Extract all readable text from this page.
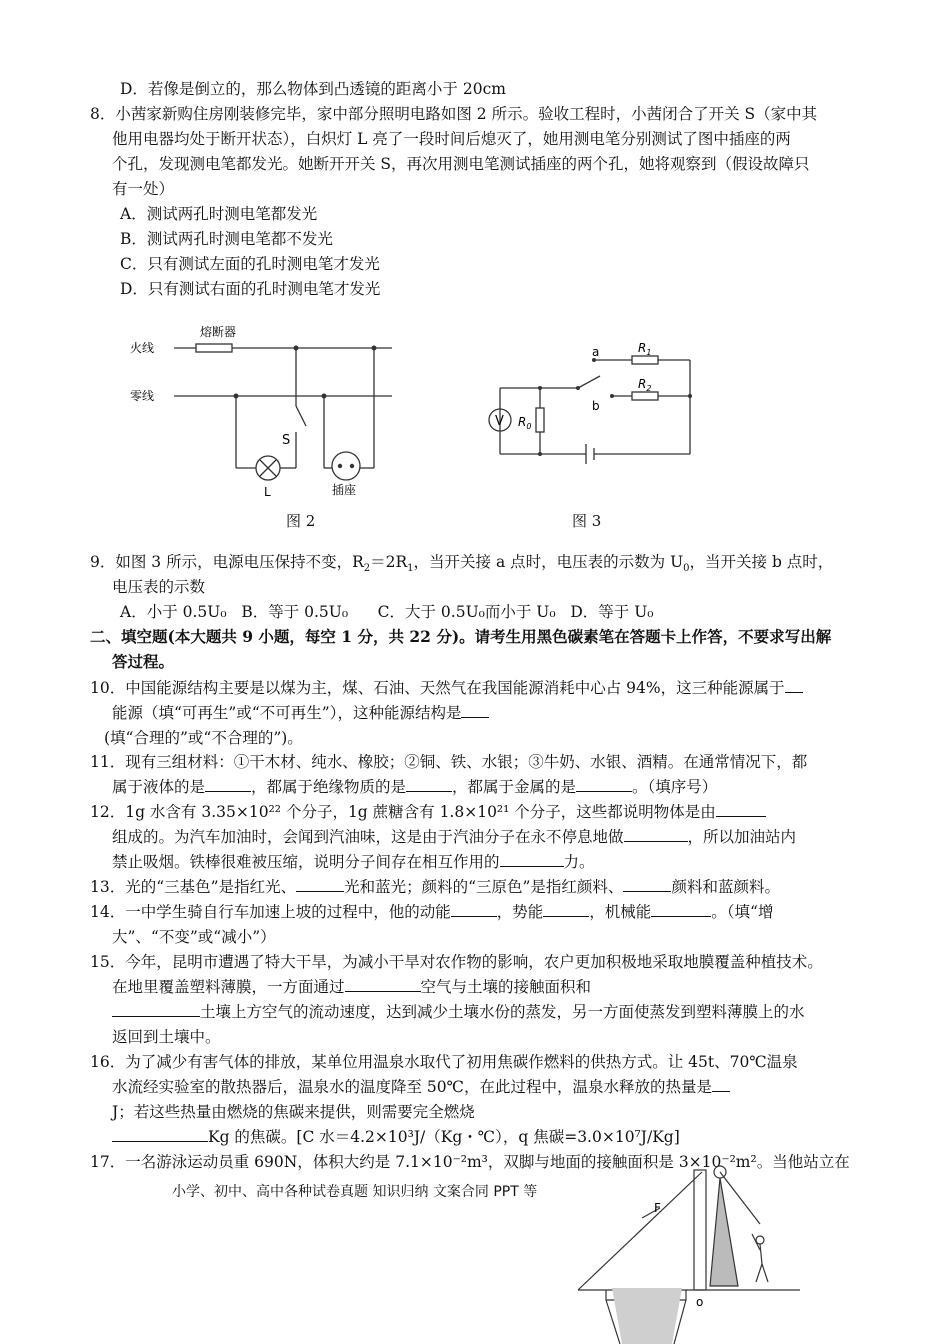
D．若像是倒立的，那么物体到凸透镜的距离小于 20cm
8．小茜家新购住房刚装修完毕，家中部分照明电路如图 2 所示。验收工程时，小茜闭合了开关 S（家中其
他用电器均处于断开状态），白炽灯 L 亮了一段时间后熄灭了，她用测电笔分别测试了图中插座的两
个孔，发现测电笔都发光。她断开开关 S，再次用测电笔测试插座的两个孔，她将观察到（假设故障只
有一处）
A．测试两孔时测电笔都发光
B．测试两孔时测电笔都不发光
C．只有测试左面的孔时测电笔才发光
D．只有测试右面的孔时测电笔才发光
火线
零线
熔断器
S
L	插座
图 2
V
a
b
$R_1$
$R_2$
$R_0$
图 3
9．如图 3 所示，电源电压保持不变，$R_2=2R_1$，当开关接 a 点时，电压表的示数为 $U_0$，当开关接 b 点时，
电压表的示数
A．小于 0.5U₀   B．等于 0.5U₀      C．大于 0.5U₀而小于 U₀   D．等于 U₀
二、填空题(本大题共 9 小题，每空 1 分，共 22 分)。请考生用黑色碳素笔在答题卡上作答，不要求写出解
答过程。
10．中国能源结构主要是以煤为主，煤、石油、天然气在我国能源消耗中心占 94%，这三种能源属于
能源（填“可再生”或“不可再生”），这种能源结构是
(填“合理的”或“不合理的”)。
11．现有三组材料：①干木材、纯水、橡胶；②铜、铁、水银；③牛奶、水银、酒精。在通常情况下，都
属于液体的是	，都属于绝缘物质的是	，都属于金属的是	。（填序号）
12．1g 水含有 3.35×10²² 个分子，1g 蔗糖含有 1.8×10²¹ 个分子，这些都说明物体是由
组成的。为汽车加油时，会闻到汽油味，这是由于汽油分子在永不停息地做	，所以加油站内
禁止吸烟。铁棒很难被压缩，说明分子间存在相互作用的	力。
13．光的“三基色”是指红光、	光和蓝光；颜料的“三原色”是指红颜料、	颜料和蓝颜料。
14．一中学生骑自行车加速上坡的过程中，他的动能	，势能	，机械能	。（填“增
大”、“不变”或“减小”）
15．今年，昆明市遭遇了特大干旱，为减小干旱对农作物的影响，农户更加积极地采取地膜覆盖种植技术。
在地里覆盖塑料薄膜，一方面通过	空气与土壤的接触面积和
土壤上方空气的流动速度，达到减少土壤水份的蒸发，另一方面使蒸发到塑料薄膜上的水
返回到土壤中。
16．为了减少有害气体的排放，某单位用温泉水取代了初用焦碳作燃料的供热方式。让 45t、70℃温泉
水流经实验室的散热器后，温泉水的温度降至 50℃，在此过程中，温泉水释放的热量是
J；若这些热量由燃烧的焦碳来提供，则需要完全燃烧
Kg 的焦碳。[C 水＝4.2×10³J/（Kg・℃），q 焦碳=3.0×10⁷J/Kg]
17．一名游泳运动员重 690N，体积大约是 7.1×10⁻²m³，双脚与地面的接触面积是 3×10⁻²m²。当他站立在
小学、初中、高中各种试卷真题 知识归纳 文案合同 PPT 等
F
o
